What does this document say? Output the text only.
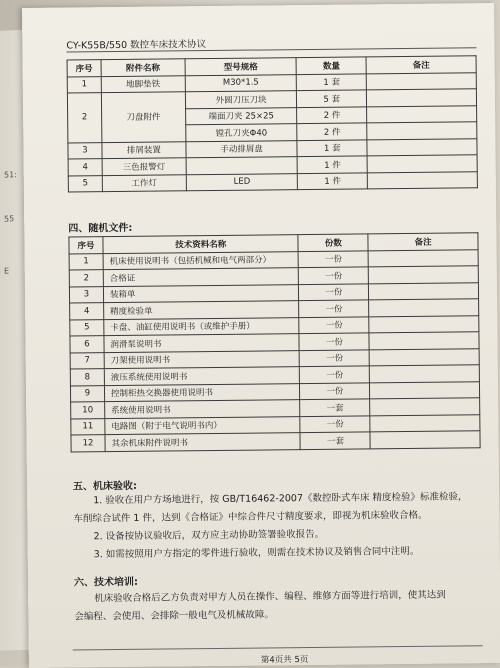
51:
55
E
CY-K55B/550 数控车床技术协议
序号	附件名称	型号规格	数量	备注
1	地脚垫铁	M30*1.5	1 套	
2	刀盘附件	外圆刀压刀块	5 套	
		端面刀夹 25×25	2 件	
		镗孔刀夹Φ40	2 件	
3	排屑装置	手动排屑盘	1 套	
4	三色报警灯		1 件	
5	工作灯	LED	1 件	
四、随机文件:
序号	技术资料名称	份数	备注
1	机床使用说明书（包括机械和电气两部分）	一份	
2	合格证	一份	
3	装箱单	一份	
4	精度检验单	一份	
5	卡盘、油缸使用说明书（或维护手册）	一份	
6	润滑泵说明书	一份	
7	刀架使用说明书	一份	
8	液压系统使用说明书	一份	
9	控制柜热交换器使用说明书	一份	
10	系统使用说明书	一套	
11	电路图（附于电气说明书内）	一份	
12	其余机床附件说明书	一套	
五、机床验收:
1. 验收在用户方场地进行，按 GB/T16462-2007《数控卧式车床 精度检验》标准检验，
车削综合试件 1 件，达到《合格证》中综合件尺寸精度要求，即视为机床验收合格。
2. 设备按协议验收后，双方应主动协助签署验收报告。
3. 如需按照用户方指定的零件进行验收，则需在技术协议及销售合同中注明。
六、技术培训:
机床验收合格后乙方负责对甲方人员在操作、编程、维修方面等进行培训，使其达到
会编程、会使用、会排除一般电气及机械故障。
第4页共 5页
